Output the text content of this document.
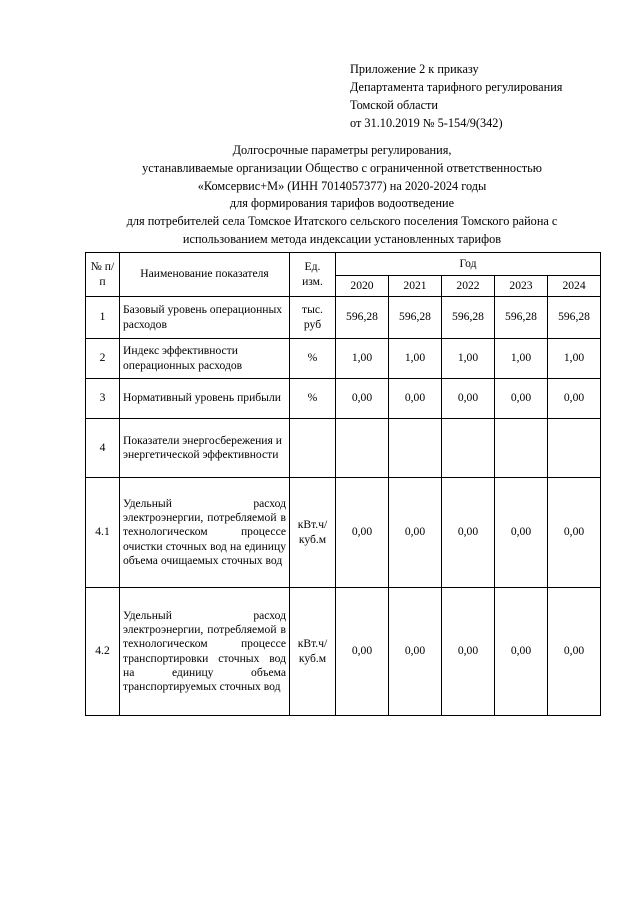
Приложение 2 к приказу
Департамента тарифного регулирования
Томской области
от 31.10.2019 № 5-154/9(342)
Долгосрочные параметры регулирования,
устанавливаемые организации Общество с ограниченной ответственностью
«Комсервис+М» (ИНН 7014057377) на 2020-2024 годы
для формирования тарифов водоотведение
для потребителей села Томское Итатского сельского поселения Томского района с
использованием метода индексации установленных тарифов
№ п/п	Наименование показателя	Ед. изм.	Год				
			2020	2021	2022	2023	2024
1	Базовый уровень операционных расходов	тыс. руб	596,28	596,28	596,28	596,28	596,28
2	Индекс эффективности операционных расходов	%	1,00	1,00	1,00	1,00	1,00
3	Нормативный уровень прибыли	%	0,00	0,00	0,00	0,00	0,00
4	Показатели энергосбережения и энергетической эффективности						
4.1	Удельный расход электроэнергии, потребляемой в технологическом процессе очистки сточных вод на единицу объема очищаемых сточных вод	кВт.ч/ куб.м	0,00	0,00	0,00	0,00	0,00
4.2	Удельный расход электроэнергии, потребляемой в технологическом процессе транспортировки сточных вод на единицу объема транспортируемых сточных вод	кВт.ч/ куб.м	0,00	0,00	0,00	0,00	0,00
